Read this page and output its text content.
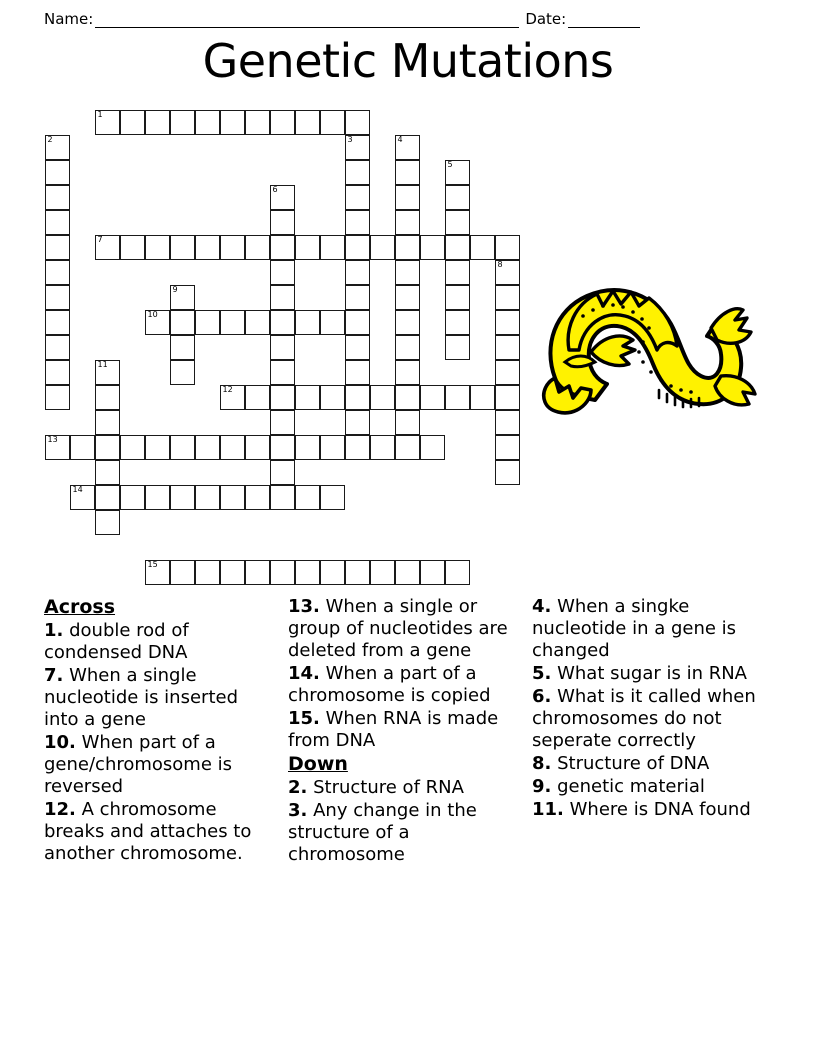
Name:	Date:
Genetic Mutations
1
2	3	4
5
6
7
8
9
10
11
12
13
14
15
Across
1. double rod of condensed DNA
7. When a single nucleotide is inserted into a gene
10. When part of a gene/chromosome is reversed
12. A chromosome breaks and attaches to another chromosome.
13. When a single or group of nucleotides are deleted from a gene
14. When a part of a chromosome is copied
15. When RNA is made from DNA
Down
2. Structure of RNA
3. Any change in the structure of a chromosome
4. When a singke nucleotide in a gene is changed
5. What sugar is in RNA
6. What is it called when chromosomes do not seperate correctly
8. Structure of DNA
9. genetic material
11. Where is DNA found
